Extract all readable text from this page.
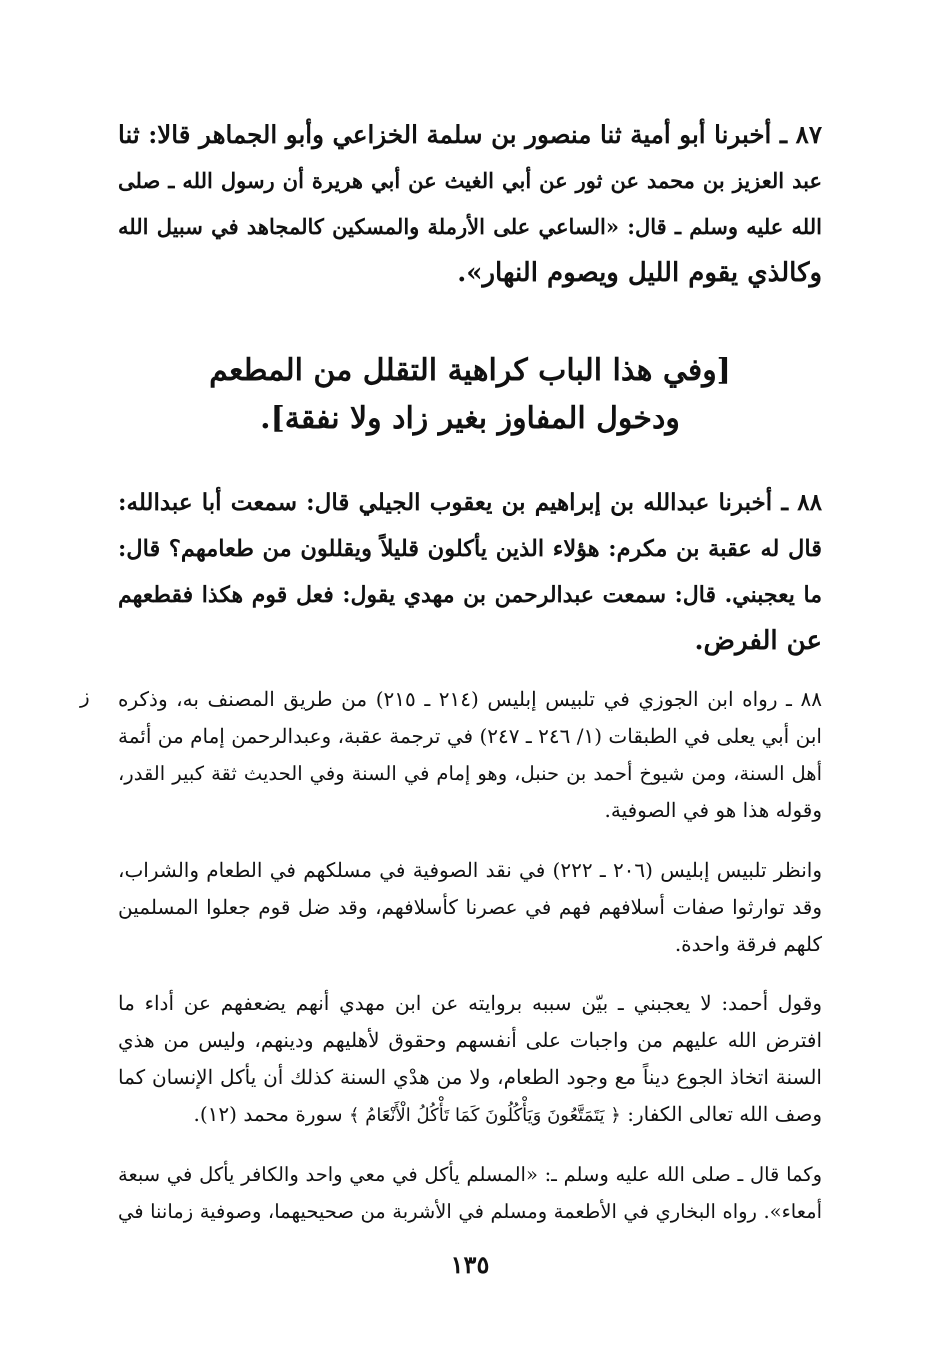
٨٧ ـ أخبرنا أبو أمية ثنا منصور بن سلمة الخزاعي وأبو الجماهر قالا: ثنا
عبد العزيز بن محمد عن ثور عن أبي الغيث عن أبي هريرة أن رسول الله ـ صلى
الله عليه وسلم ـ قال: «الساعي على الأرملة والمسكين كالمجاهد في سبيل الله
وكالذي يقوم الليل ويصوم النهار».
[وفي هذا الباب كراهية التقلل من المطعم
ودخول المفاوز بغير زاد ولا نفقة].
٨٨ ـ أخبرنا عبدالله بن إبراهيم بن يعقوب الجيلي قال: سمعت أبا عبدالله:
قال له عقبة بن مكرم: هؤلاء الذين يأكلون قليلاً ويقللون من طعامهم؟ قال:
ما يعجبني. قال: سمعت عبدالرحمن بن مهدي يقول: فعل قوم هكذا فقطعهم
عن الفرض.
ز ٨٨ ـ رواه ابن الجوزي في تلبيس إبليس (٢١٤ ـ ٢١٥) من طريق المصنف به، وذكره
ابن أبي يعلى في الطبقات (١/ ٢٤٦ ـ ٢٤٧) في ترجمة عقبة، وعبدالرحمن إمام من أئمة
أهل السنة، ومن شيوخ أحمد بن حنبل، وهو إمام في السنة وفي الحديث ثقة كبير القدر،
وقوله هذا هو في الصوفية.
وانظر تلبيس إبليس (٢٠٦ ـ ٢٢٢) في نقد الصوفية في مسلكهم في الطعام والشراب،
وقد توارثوا صفات أسلافهم فهم في عصرنا كأسلافهم، وقد ضل قوم جعلوا المسلمين
كلهم فرقة واحدة.
وقول أحمد: لا يعجبني ـ بيّن سببه بروايته عن ابن مهدي أنهم يضعفهم عن أداء ما
افترض الله عليهم من واجبات على أنفسهم وحقوق لأهليهم ودينهم، وليس من هذي
السنة اتخاذ الجوع ديناً مع وجود الطعام، ولا من هدْي السنة كذلك أن يأكل الإنسان كما
وصف الله تعالى الكفار: ﴿ يَتَمَتَّعُونَ وَيَأْكُلُونَ كَمَا تَأْكُلُ الْأَنْعَامُ ﴾ سورة محمد (١٢).
وكما قال ـ صلى الله عليه وسلم ـ: «المسلم يأكل في معي واحد والكافر يأكل في سبعة
أمعاء». رواه البخاري في الأطعمة ومسلم في الأشربة من صحيحيهما، وصوفية زماننا في
١٣٥
